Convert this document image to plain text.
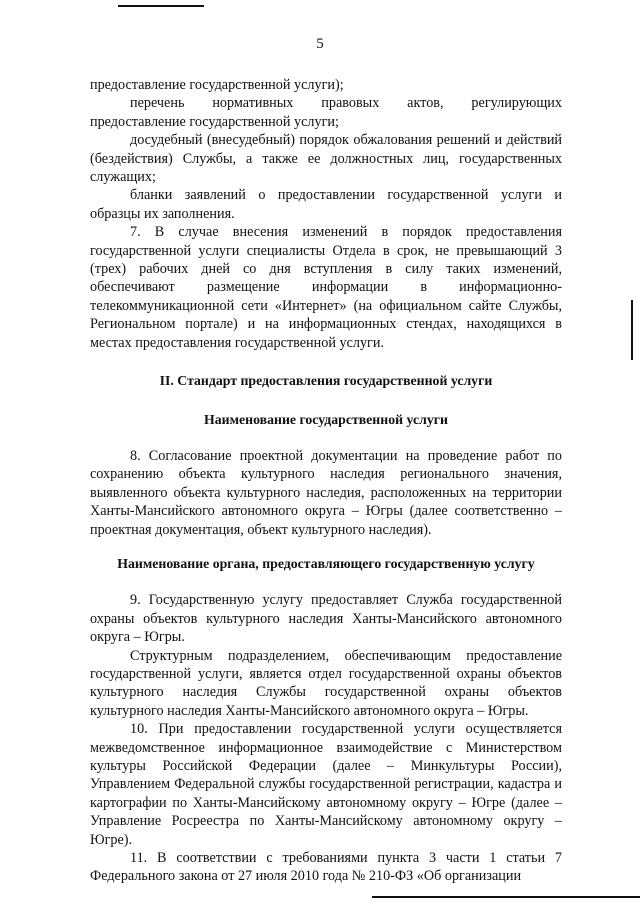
5

предоставление государственной услуги);

перечень нормативных правовых актов, регулирующих предоставление государственной услуги;

досудебный (внесудебный) порядок обжалования решений и действий (бездействия) Службы, а также ее должностных лиц, государственных служащих;

бланки заявлений о предоставлении государственной услуги и образцы их заполнения.

7. В случае внесения изменений в порядок предоставления государственной услуги специалисты Отдела в срок, не превышающий 3 (трех) рабочих дней со дня вступления в силу таких изменений, обеспечивают размещение информации в информационно-телекоммуникационной сети «Интернет» (на официальном сайте Службы, Региональном портале) и на информационных стендах, находящихся в местах предоставления государственной услуги.

II. Стандарт предоставления государственной услуги

Наименование государственной услуги

8. Согласование проектной документации на проведение работ по сохранению объекта культурного наследия регионального значения, выявленного объекта культурного наследия, расположенных на территории Ханты-Мансийского автономного округа – Югры (далее соответственно – проектная документация, объект культурного наследия).

Наименование органа, предоставляющего государственную услугу

9. Государственную услугу предоставляет Служба государственной охраны объектов культурного наследия Ханты-Мансийского автономного округа – Югры.

Структурным подразделением, обеспечивающим предоставление государственной услуги, является отдел государственной охраны объектов культурного наследия Службы государственной охраны объектов культурного наследия Ханты-Мансийского автономного округа – Югры.

10. При предоставлении государственной услуги осуществляется межведомственное информационное взаимодействие с Министерством культуры Российской Федерации (далее – Минкультуры России), Управлением Федеральной службы государственной регистрации, кадастра и картографии по Ханты-Мансийскому автономному округу – Югре (далее – Управление Росреестра по Ханты-Мансийскому автономному округу – Югре).

11. В соответствии с требованиями пункта 3 части 1 статьи 7 Федерального закона от 27 июля 2010 года № 210-ФЗ «Об организации
